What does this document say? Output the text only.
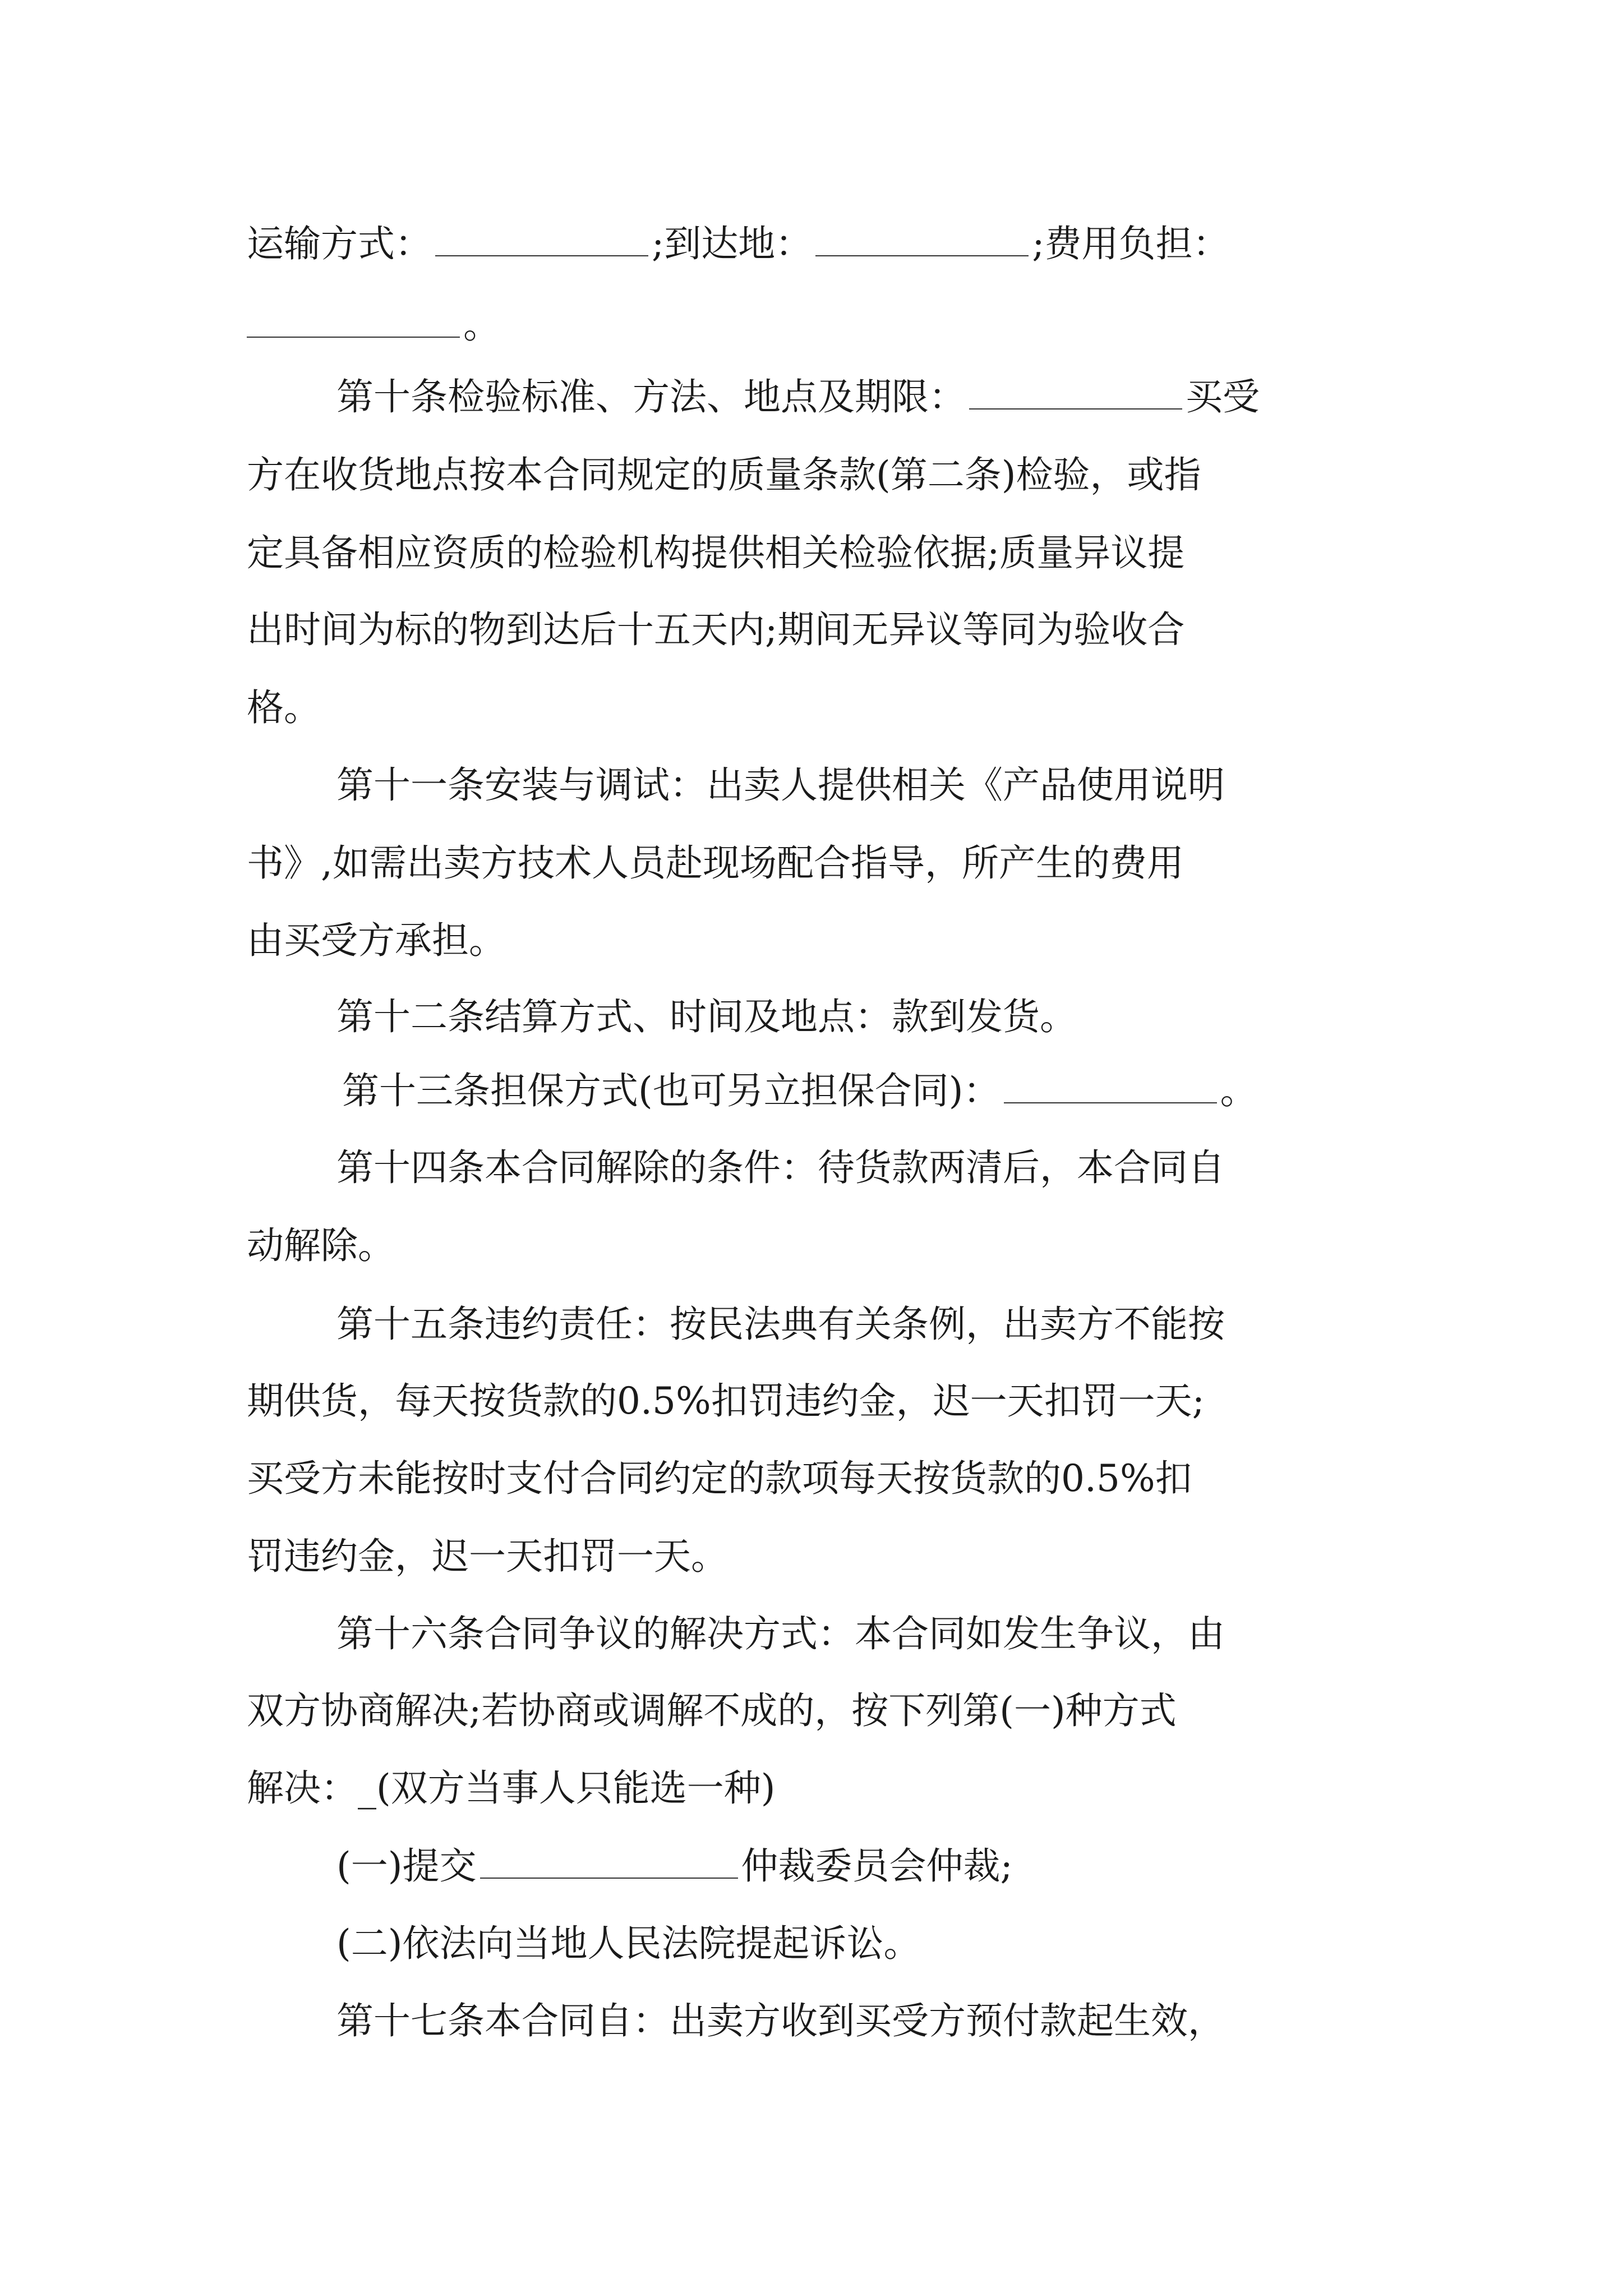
运输方式：	;到达地：	;费用负担：
。
第十条检验标准、方法、地点及期限：	买受
方在收货地点按本合同规定的质量条款(第二条)检验，或指
定具备相应资质的检验机构提供相关检验依据;质量异议提
出时间为标的物到达后十五天内;期间无异议等同为验收合
格。
第十一条安装与调试：出卖人提供相关《产品使用说明
书》,如需出卖方技术人员赴现场配合指导，所产生的费用
由买受方承担。
第十二条结算方式、时间及地点：款到发货。
第十三条担保方式(也可另立担保合同)：	。
第十四条本合同解除的条件：待货款两清后，本合同自
动解除。
第十五条违约责任：按民法典有关条例，出卖方不能按
期供货，每天按货款的0.5%扣罚违约金，迟一天扣罚一天;
买受方未能按时支付合同约定的款项每天按货款的0.5%扣
罚违约金，迟一天扣罚一天。
第十六条合同争议的解决方式：本合同如发生争议，由
双方协商解决;若协商或调解不成的，按下列第(一)种方式
解决：_(双方当事人只能选一种)
(一)提交	仲裁委员会仲裁;
(二)依法向当地人民法院提起诉讼。
第十七条本合同自：出卖方收到买受方预付款起生效，
